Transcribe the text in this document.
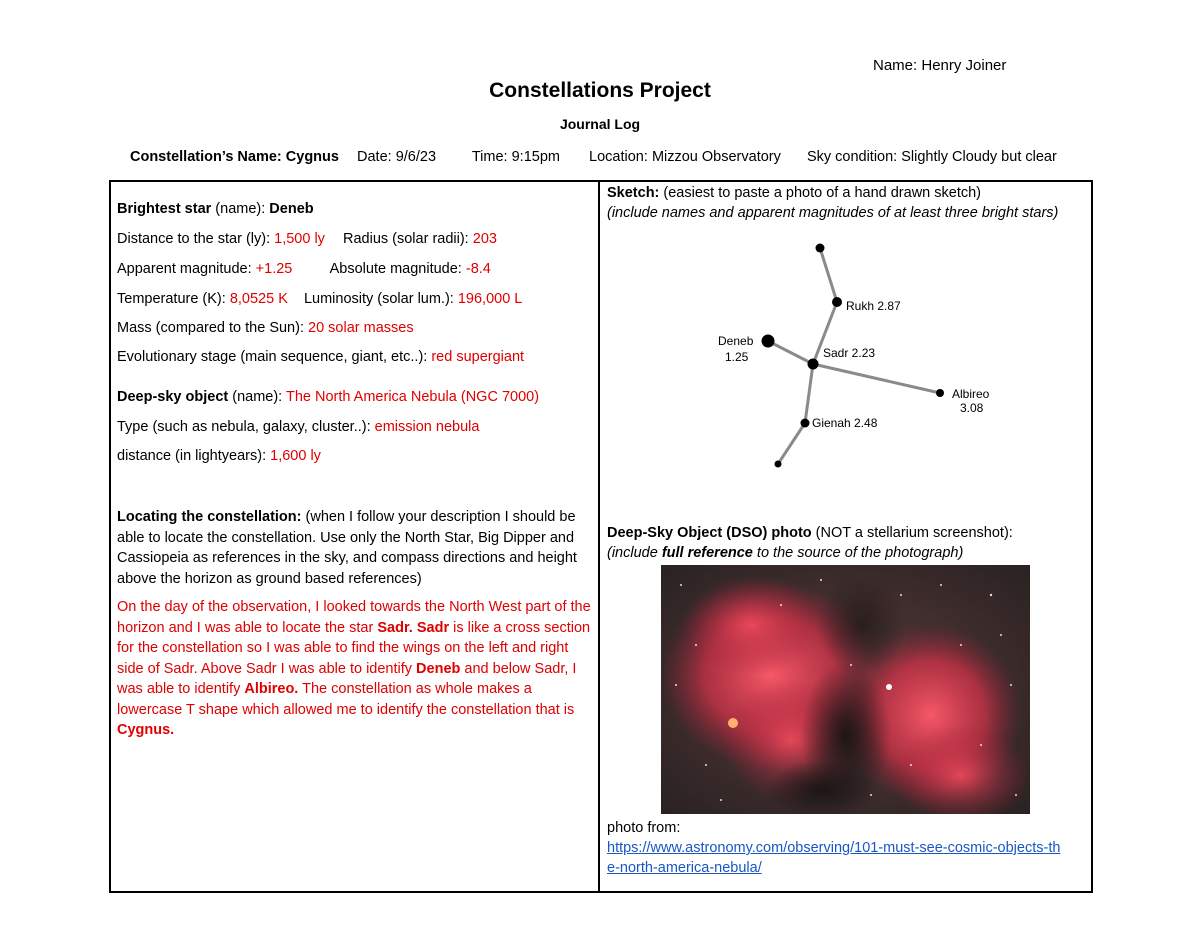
Name: Henry Joiner
Constellations Project
Journal Log
Constellation’s Name: Cygnus Date: 9/6/23 Time: 9:15pm Location: Mizzou Observatory Sky condition: Slightly Cloudy but clear
Brightest star (name): Deneb
Distance to the star (ly): 1,500 ly Radius (solar radii): 203
Apparent magnitude: +1.25	Absolute magnitude: -8.4
Temperature (K): 8,0525 K Luminosity (solar lum.): 196,000 L
Mass (compared to the Sun): 20 solar masses
Evolutionary stage (main sequence, giant, etc..): red supergiant
Deep-sky object (name): The North America Nebula (NGC 7000)
Type (such as nebula, galaxy, cluster..): emission nebula
distance (in lightyears): 1,600 ly
Locating the constellation: (when I follow your description I should be able to locate the constellation. Use only the North Star, Big Dipper and Cassiopeia as references in the sky, and compass directions and height above the horizon as ground based references)
On the day of the observation, I looked towards the North West part of the horizon and I was able to locate the star Sadr. Sadr is like a cross section for the constellation so I was able to find the wings on the left and right side of Sadr. Above Sadr I was able to identify Deneb and below Sadr, I was able to identify Albireo. The constellation as whole makes a lowercase T shape which allowed me to identify the constellation that is Cygnus.
Sketch: (easiest to paste a photo of a hand drawn sketch)
(include names and apparent magnitudes of at least three bright stars)
Rukh 2.87
Deneb
1.25	Sadr 2.23
Albireo
3.08
Gienah 2.48
Deep-Sky Object (DSO) photo (NOT a stellarium screenshot):
(include full reference to the source of the photograph)
photo from:
https://www.astronomy.com/observing/101-must-see-cosmic-objects-th
e-north-america-nebula/
